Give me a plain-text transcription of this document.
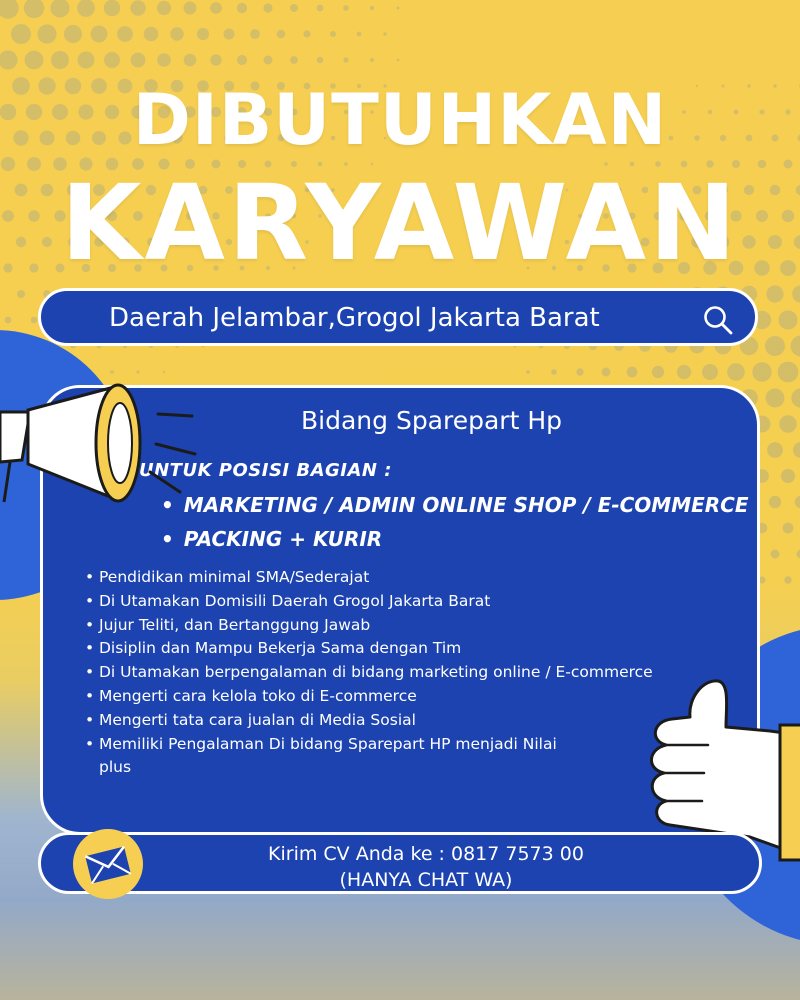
DIBUTUHKAN
KARYAWAN
Daerah Jelambar,Grogol Jakarta Barat
Bidang Sparepart Hp
UNTUK POSISI BAGIAN :
• MARKETING / ADMIN ONLINE SHOP / E-COMMERCE
• PACKING + KURIR
• Pendidikan minimal SMA/Sederajat
• Di Utamakan Domisili Daerah Grogol Jakarta Barat
• Jujur Teliti, dan Bertanggung Jawab
• Disiplin dan Mampu Bekerja Sama dengan Tim
• Di Utamakan berpengalaman di bidang marketing online / E-commerce
• Mengerti cara kelola toko di E-commerce
• Mengerti tata cara jualan di Media Sosial
• Memiliki Pengalaman Di bidang Sparepart HP menjadi Nilai plus
Kirim CV Anda ke : 0817 7573 00
(HANYA CHAT WA)
